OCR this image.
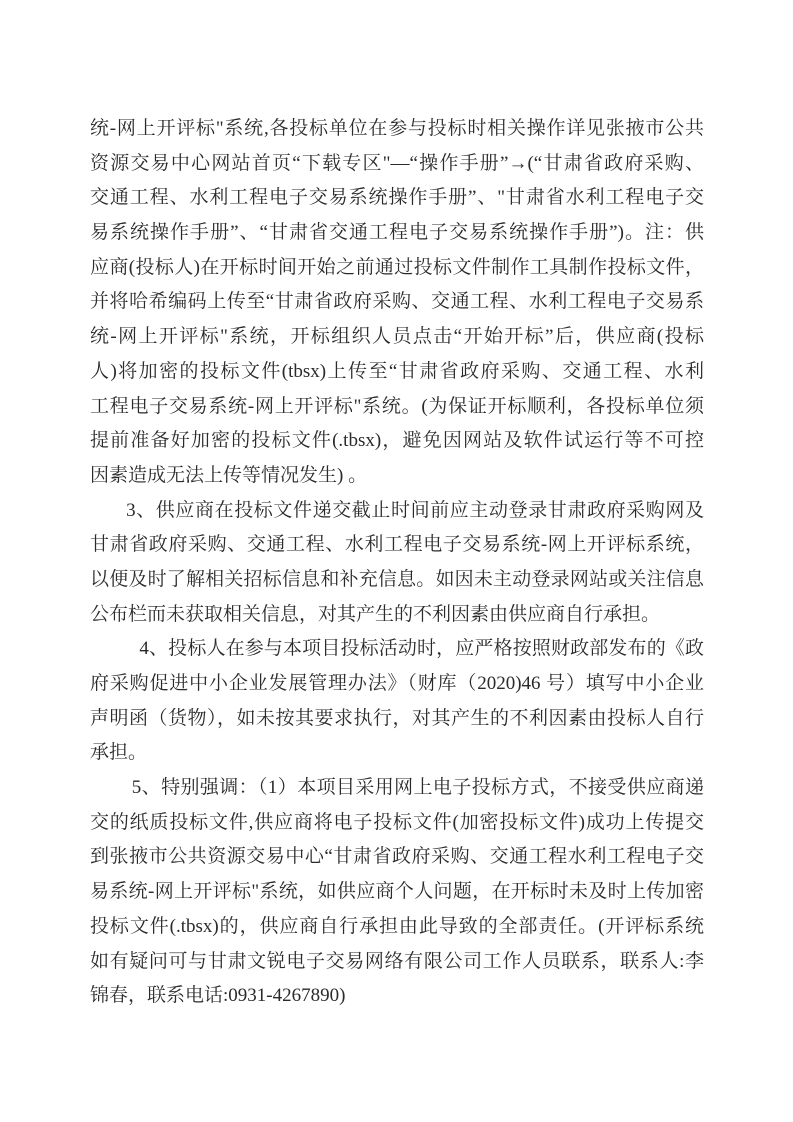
统-网上开评标"系统,各投标单位在参与投标时相关操作详见张掖市公共
资源交易中心网站首页“下载专区"—“操作手册”→(“甘肃省政府采购、
交通工程、水利工程电子交易系统操作手册”、"甘肃省水利工程电子交
易系统操作手册”、“甘肃省交通工程电子交易系统操作手册”)。注：供
应商(投标人)在开标时间开始之前通过投标文件制作工具制作投标文件，
并将哈希编码上传至“甘肃省政府采购、交通工程、水利工程电子交易系
统-网上开评标"系统，开标组织人员点击“开始开标”后，供应商(投标
人)将加密的投标文件(tbsx)上传至“甘肃省政府采购、交通工程、水利
工程电子交易系统-网上开评标"系统。(为保证开标顺利，各投标单位须
提前准备好加密的投标文件(.tbsx)，避免因网站及软件试运行等不可控
因素造成无法上传等情况发生) 。
3、供应商在投标文件递交截止时间前应主动登录甘肃政府采购网及
甘肃省政府采购、交通工程、水利工程电子交易系统-网上开评标系统，
以便及时了解相关招标信息和补充信息。如因未主动登录网站或关注信息
公布栏而未获取相关信息，对其产生的不利因素由供应商自行承担。
4、投标人在参与本项目投标活动时，应严格按照财政部发布的《政
府采购促进中小企业发展管理办法》（财库（2020)46 号）填写中小企业
声明函（货物），如未按其要求执行，对其产生的不利因素由投标人自行
承担。
5、特别强调：（1）本项目采用网上电子投标方式，不接受供应商递
交的纸质投标文件,供应商将电子投标文件(加密投标文件)成功上传提交
到张掖市公共资源交易中心“甘肃省政府采购、交通工程水利工程电子交
易系统-网上开评标"系统，如供应商个人问题，在开标时未及时上传加密
投标文件(.tbsx)的，供应商自行承担由此导致的全部责任。(开评标系统
如有疑问可与甘肃文锐电子交易网络有限公司工作人员联系，联系人:李
锦春，联系电话:0931-4267890)
